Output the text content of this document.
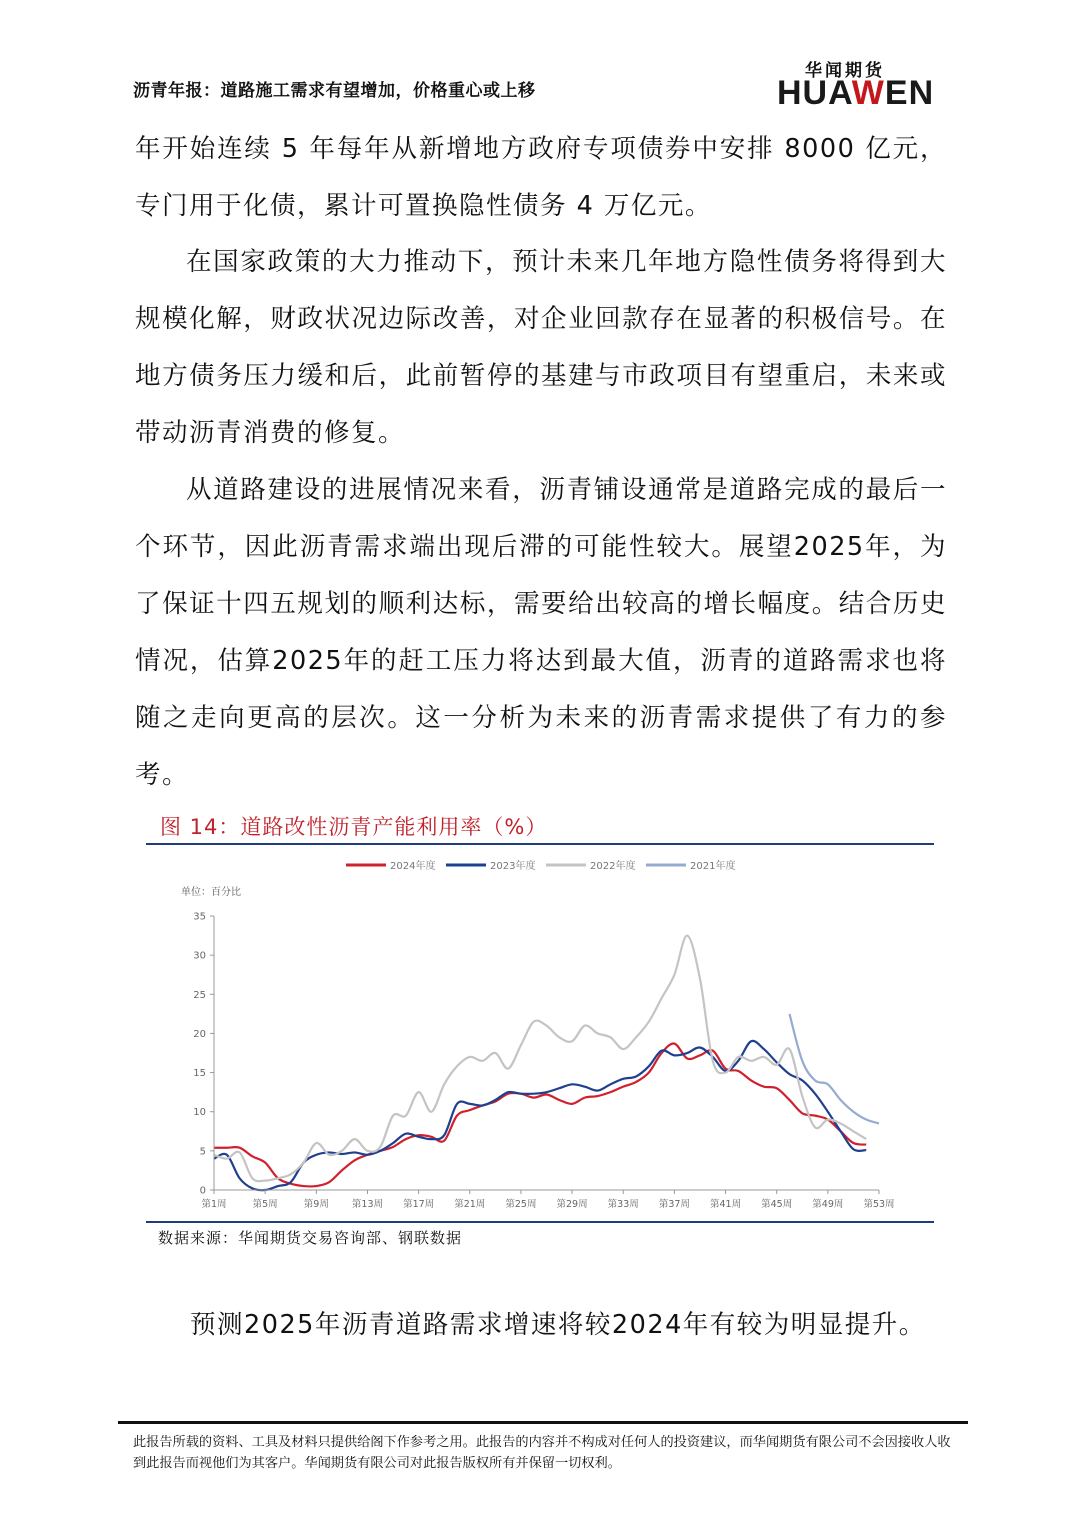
沥青年报：道路施工需求有望增加，价格重心或上移
华闻期货
HUAWEN
年开始连续 5 年每年从新增地方政府专项债券中安排 8000 亿元，专门用于化债，累计可置换隐性债务 4 万亿元。

在国家政策的大力推动下，预计未来几年地方隐性债务将得到大规模化解，财政状况边际改善，对企业回款存在显著的积极信号。在地方债务压力缓和后，此前暂停的基建与市政项目有望重启，未来或带动沥青消费的修复。

从道路建设的进展情况来看，沥青铺设通常是道路完成的最后一个环节，因此沥青需求端出现后滞的可能性较大。展望2025年，为了保证十四五规划的顺利达标，需要给出较高的增长幅度。结合历史情况，估算2025年的赶工压力将达到最大值，沥青的道路需求也将随之走向更高的层次。这一分析为未来的沥青需求提供了有力的参考。

图 14：道路改性沥青产能利用率（%）
2024年度	2023年度	2022年度	2021年度
单位：百分比
0
5
10
15
20
25
30
35
第1周	第5周	第9周 第13周 第17周 第21周 第25周 第29周 第33周 第37周 第41周 第45周 第49周 第53周
数据来源：华闻期货交易咨询部、钢联数据
预测2025年沥青道路需求增速将较2024年有较为明显提升。
此报告所载的资料、工具及材料只提供给阁下作参考之用。此报告的内容并不构成对任何人的投资建议，而华闻期货有限公司不会因接收人收到此报告而视他们为其客户。华闻期货有限公司对此报告版权所有并保留一切权利。
